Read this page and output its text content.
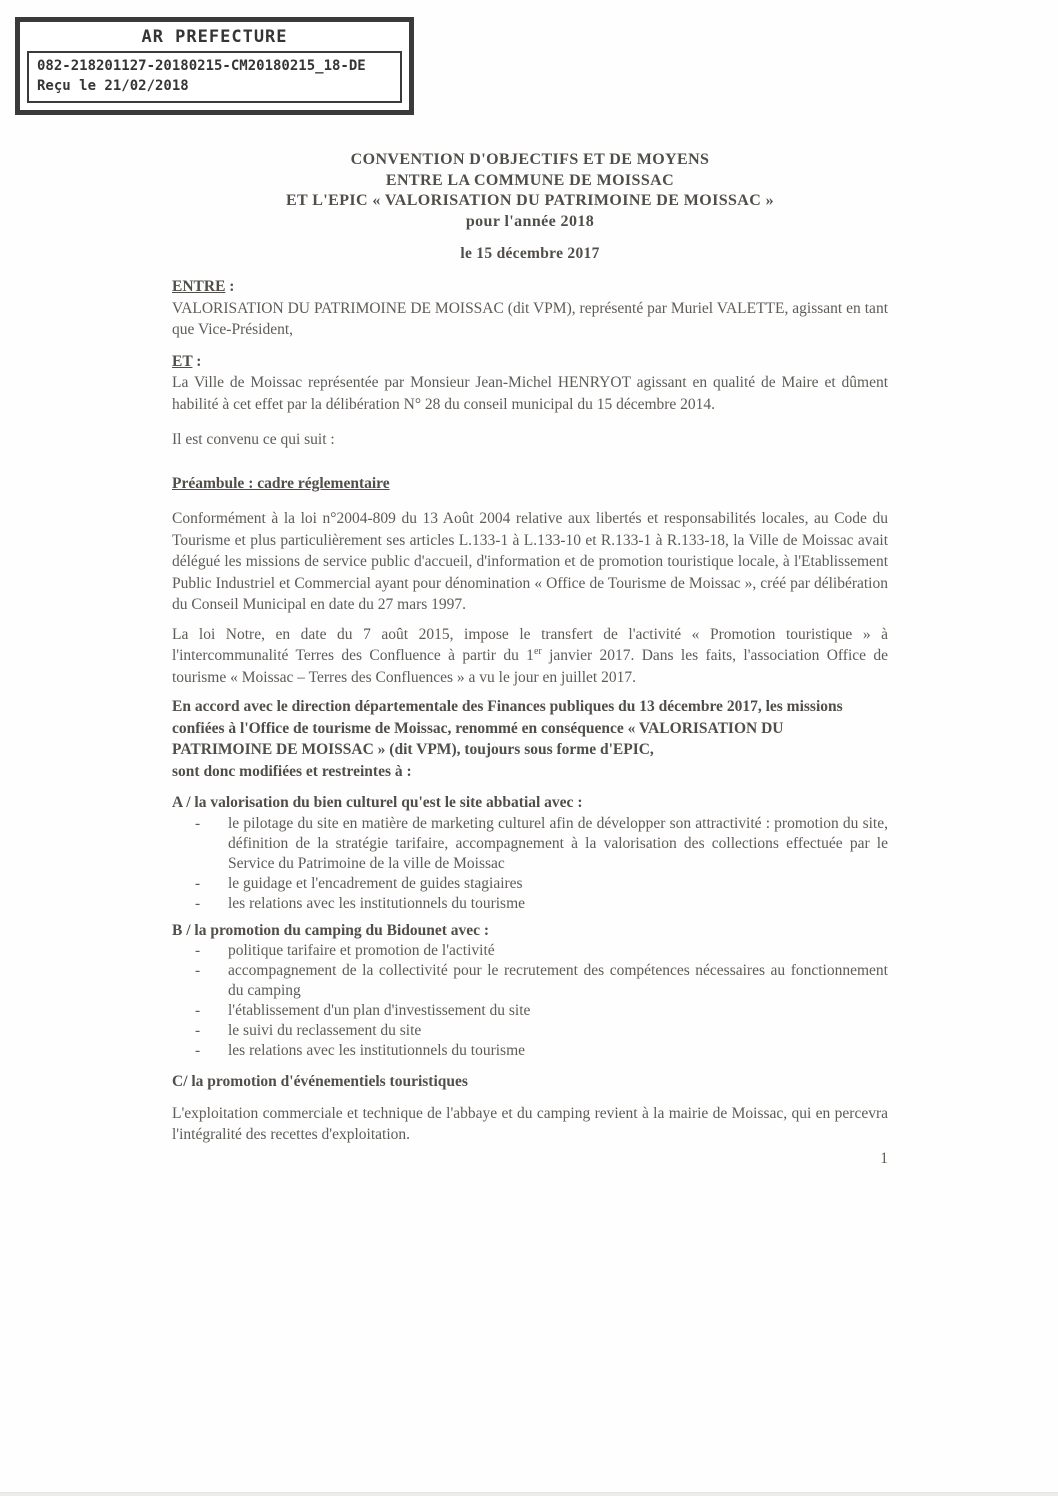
AR PREFECTURE
082-218201127-20180215-CM20180215_18-DE
Reçu le 21/02/2018
CONVENTION D'OBJECTIFS ET DE MOYENS
ENTRE LA COMMUNE DE MOISSAC
ET L'EPIC « VALORISATION DU PATRIMOINE DE MOISSAC »
pour l'année 2018
le 15 décembre 2017
ENTRE :

VALORISATION DU PATRIMOINE DE MOISSAC (dit VPM), représenté par Muriel VALETTE, agissant en tant que Vice-Président,

ET :

La Ville de Moissac représentée par Monsieur Jean-Michel HENRYOT agissant en qualité de Maire et dûment habilité à cet effet par la délibération N° 28 du conseil municipal du 15 décembre 2014.

Il est convenu ce qui suit :

Préambule : cadre réglementaire

Conformément à la loi n°2004-809 du 13 Août 2004 relative aux libertés et responsabilités locales, au Code du Tourisme et plus particulièrement ses articles L.133-1 à L.133-10 et R.133-1 à R.133-18, la Ville de Moissac avait délégué les missions de service public d'accueil, d'information et de promotion touristique locale, à l'Etablissement Public Industriel et Commercial ayant pour dénomination « Office de Tourisme de Moissac », créé par délibération du Conseil Municipal en date du 27 mars 1997.

La loi Notre, en date du 7 août 2015, impose le transfert de l'activité « Promotion touristique » à l'intercommunalité Terres des Confluence à partir du 1er janvier 2017. Dans les faits, l'association Office de tourisme « Moissac – Terres des Confluences » a vu le jour en juillet 2017.

En accord avec le direction départementale des Finances publiques du 13 décembre 2017, les missions
confiées à l'Office de tourisme de Moissac, renommé en conséquence « VALORISATION DU
PATRIMOINE DE MOISSAC » (dit VPM), toujours sous forme d'EPIC,
sont donc modifiées et restreintes à :
A / la valorisation du bien culturel qu'est le site abbatial avec :
-	le pilotage du site en matière de marketing culturel afin de développer son attractivité : promotion du site, définition de la stratégie tarifaire, accompagnement à la valorisation des collections effectuée par le Service du Patrimoine de la ville de Moissac
-	le guidage et l'encadrement de guides stagiaires
-	les relations avec les institutionnels du tourisme
B / la promotion du camping du Bidounet avec :
-	politique tarifaire et promotion de l'activité
-	accompagnement de la collectivité pour le recrutement des compétences nécessaires au fonctionnement du camping
-	l'établissement d'un plan d'investissement du site
-	le suivi du reclassement du site
-	les relations avec les institutionnels du tourisme
C/ la promotion d'événementiels touristiques

L'exploitation commerciale et technique de l'abbaye et du camping revient à la mairie de Moissac, qui en percevra l'intégralité des recettes d'exploitation.

1
